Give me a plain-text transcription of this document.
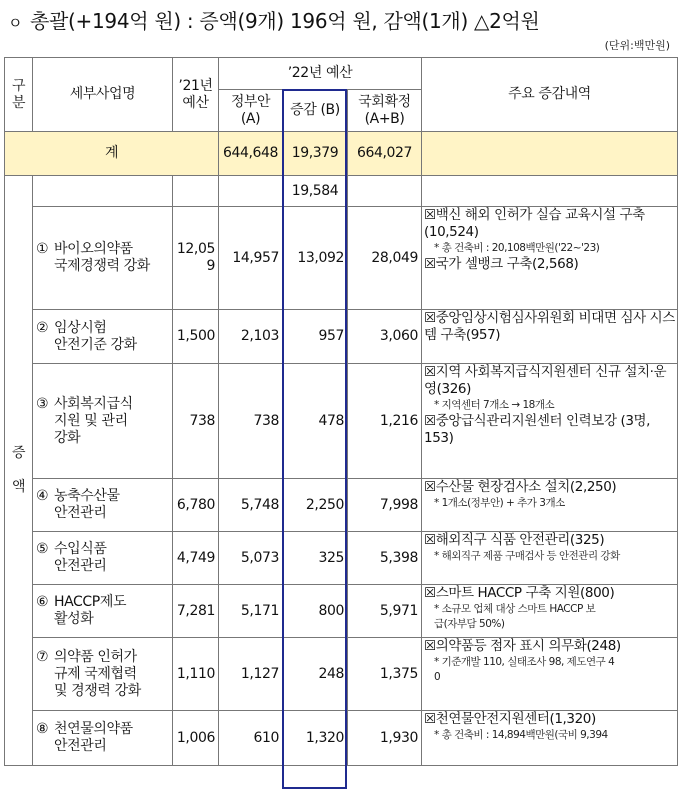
ㅇ 총괄(+194억 원) : 증액(9개) 196억 원, 감액(1개) △2억원
(단위:백만원)
구분	세부사업명	’21년 예산	’22년 예산			주요 증감내역
			정부안 (A)	증감 (B)	국회확정 (A+B)	
계			644,648	19,379	664,027	
증

액				19,584		
	① 바이오의약품
국제경쟁력 강화	12,059	14,957	13,092	28,049	☒백신 해외 인허가 실습 교육시설 구축(10,524)
* 총 건축비 : 20,108백만원('22~'23)
☒국가 셀뱅크 구축(2,568)

	② 임상시험
안전기준 강화	1,500	2,103	957	3,060	☒중앙임상시험심사위원회 비대면 심사 시스템 구축(957)

	③ 사회복지급식
지원 및 관리
강화	738	738	478	1,216	☒지역 사회복지급식지원센터 신규 설치·운영(326)
* 지역센터 7개소 → 18개소
☒중앙급식관리지원센터 인력보강 (3명, 153)

	④ 농축수산물
안전관리	6,780	5,748	2,250	7,998	☒수산물 현장검사소 설치(2,250)
* 1개소(정부안) + 추가 3개소

	⑤ 수입식품
안전관리	4,749	5,073	325	5,398	☒해외직구 식품 안전관리(325)
* 해외직구 제품 구매검사 등 안전관리 강화

	⑥ HACCP제도
활성화	7,281	5,171	800	5,971	☒스마트 HACCP 구축 지원(800)
* 소규모 업체 대상 스마트 HACCP 보
급(자부담 50%)

	⑦ 의약품 인허가
규제 국제협력
및 경쟁력 강화	1,110	1,127	248	1,375	☒의약품등 점자 표시 의무화(248)
* 기준개발 110, 실태조사 98, 제도연구 4
0

	⑧ 천연물의약품
안전관리	1,006	610	1,320	1,930	☒천연물안전지원센터(1,320)
* 총 건축비 : 14,894백만원(국비 9,394
